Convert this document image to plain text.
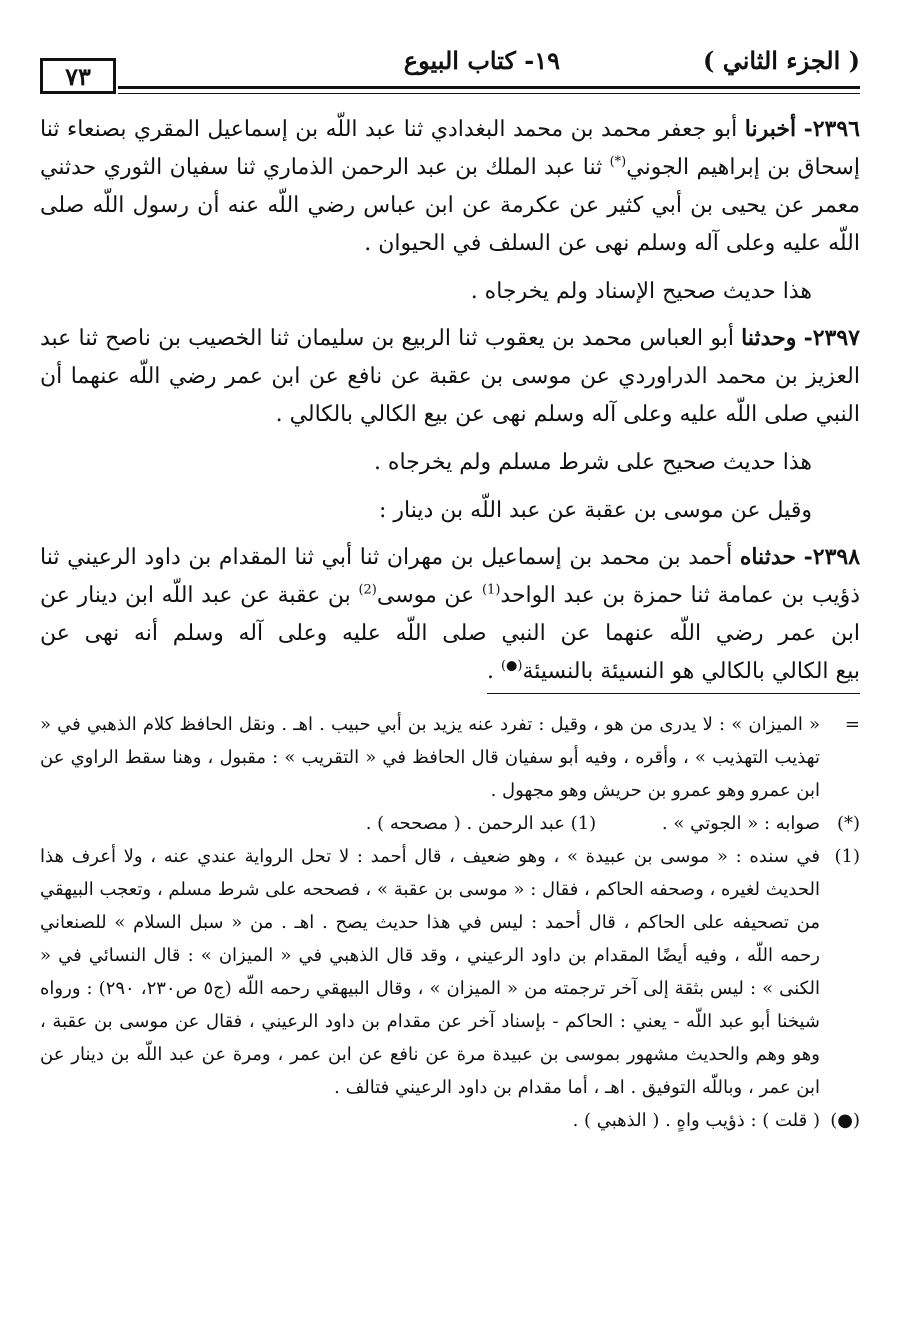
( الجزء الثاني )
١٩- كتاب البيوع
٧٣
٢٣٩٦- أخبرنا أبو جعفر محمد بن محمد البغدادي ثنا عبد اللّه بن إسماعيل المقري بصنعاء ثنا إسحاق بن إبراهيم الجوني(*) ثنا عبد الملك بن عبد الرحمن الذماري ثنا سفيان الثوري حدثني معمر عن يحيى بن أبي كثير عن عكرمة عن ابن عباس رضي اللّه عنه أن رسول اللّه صلى اللّه عليه وعلى آله وسلم نهى عن السلف في الحيوان .
هذا حديث صحيح الإسناد ولم يخرجاه .
٢٣٩٧- وحدثنا أبو العباس محمد بن يعقوب ثنا الربيع بن سليمان ثنا الخصيب بن ناصح ثنا عبد العزيز بن محمد الدراوردي عن موسى بن عقبة عن نافع عن ابن عمر رضي اللّه عنهما أن النبي صلى اللّه عليه وعلى آله وسلم نهى عن بيع الكالي بالكالي .
هذا حديث صحيح على شرط مسلم ولم يخرجاه .
وقيل عن موسى بن عقبة عن عبد اللّه بن دينار :
٢٣٩٨- حدثناه أحمد بن محمد بن إسماعيل بن مهران ثنا أبي ثنا المقدام بن داود الرعيني ثنا ذؤيب بن عمامة ثنا حمزة بن عبد الواحد$^{(1)}$ عن موسى$^{(2)}$ بن عقبة عن عبد اللّه ابن دينار عن ابن عمر رضي اللّه عنهما عن النبي صلى اللّه عليه وعلى آله وسلم أنه نهى عن بيع الكالي بالكالي هو النسيئة بالنسيئة(●) .
=
« الميزان » : لا يدرى من هو ، وقيل : تفرد عنه يزيد بن أبي حبيب . اهـ . ونقل الحافظ كلام الذهبي في « تهذيب التهذيب » ، وأقره ، وفيه أبو سفيان قال الحافظ في « التقريب » : مقبول ، وهنا سقط الراوي عن ابن عمرو وهو عمرو بن حريش وهو مجهول .
(*)
صوابه : « الجوتي » . (1) عبد الرحمن . ( مصححه ) .
(1)
في سنده : « موسى بن عبيدة » ، وهو ضعيف ، قال أحمد : لا تحل الرواية عندي عنه ، ولا أعرف هذا الحديث لغيره ، وصحفه الحاكم ، فقال : « موسى بن عقبة » ، فصححه على شرط مسلم ، وتعجب البيهقي من تصحيفه على الحاكم ، قال أحمد : ليس في هذا حديث يصح . اهـ . من « سبل السلام » للصنعاني رحمه اللّه ، وفيه أيضًا المقدام بن داود الرعيني ، وقد قال الذهبي في « الميزان » : قال النسائي في « الكنى » : ليس بثقة إلى آخر ترجمته من « الميزان » ، وقال البيهقي رحمه اللّه (ج٥ ص٢٣٠، ٢٩٠) : ورواه شيخنا أبو عبد اللّه - يعني : الحاكم - بإسناد آخر عن مقدام بن داود الرعيني ، فقال عن موسى بن عقبة ، وهو وهم والحديث مشهور بموسى بن عبيدة مرة عن نافع عن ابن عمر ، ومرة عن عبد اللّه بن دينار عن ابن عمر ، وباللّه التوفيق . اهـ ، أما مقدام بن داود الرعيني فتالف .
(●)
( قلت ) : ذؤيب واهٍ . ( الذهبي ) .
